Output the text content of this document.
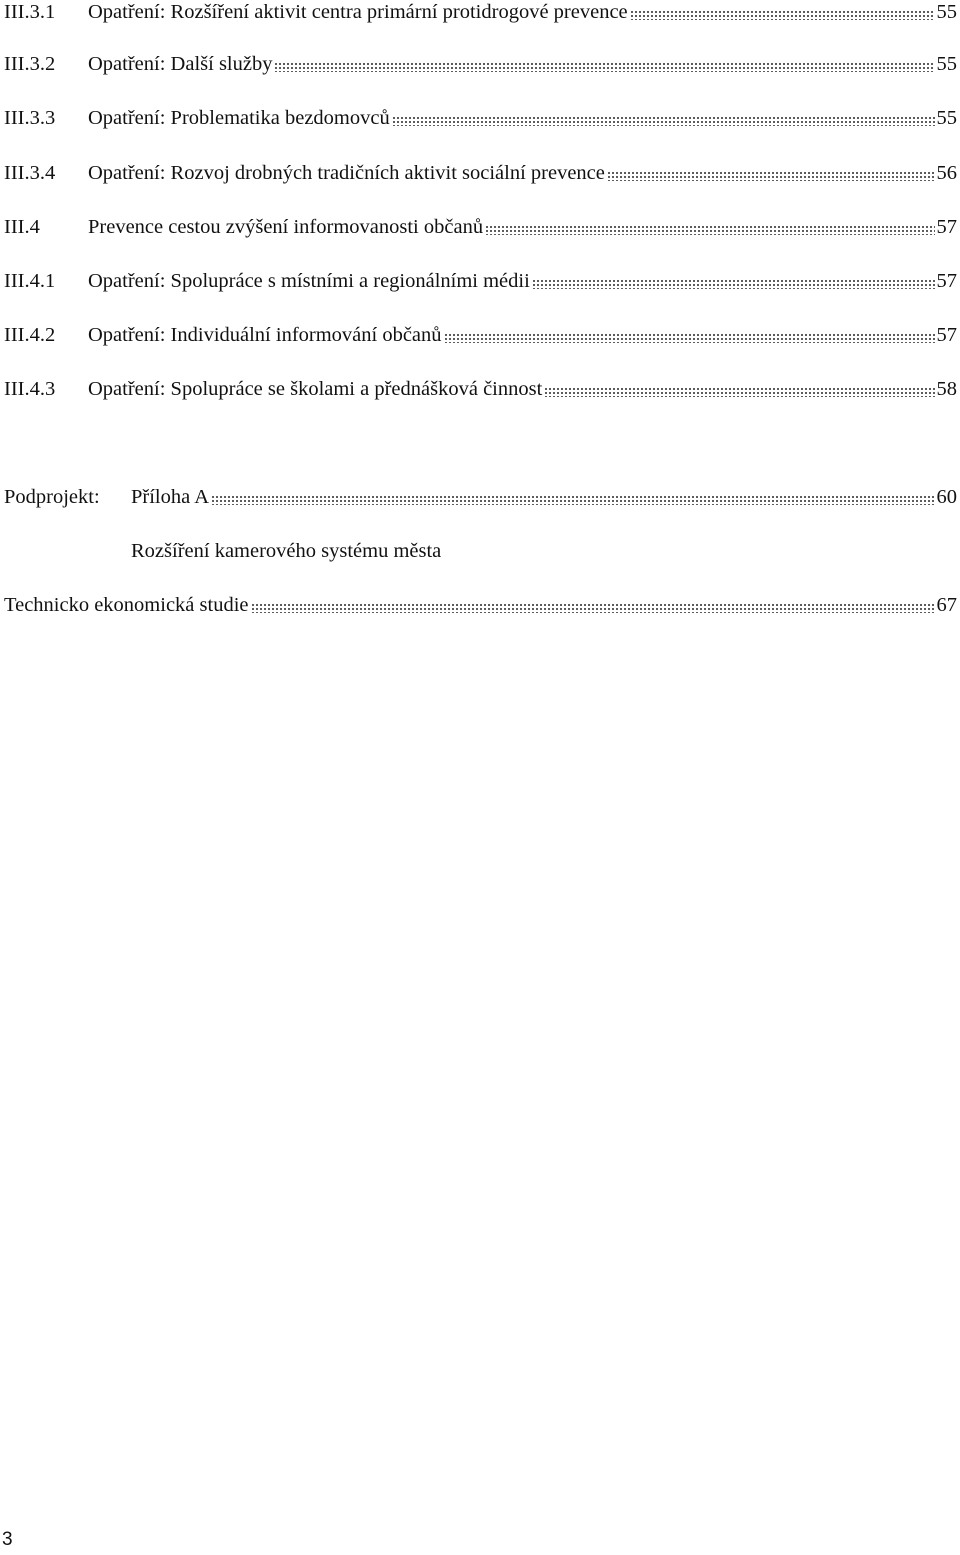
III.3.1 Opatření: Rozšíření aktivit centra primární protidrogové prevence	55
III.3.2 Opatření: Další služby	55
III.3.3 Opatření: Problematika bezdomovců	55
III.3.4 Opatření: Rozvoj drobných tradičních aktivit sociální prevence	56
III.4 Prevence cestou zvýšení informovanosti občanů	57
III.4.1 Opatření: Spolupráce s místními a regionálními médii	57
III.4.2 Opatření: Individuální informování občanů	57
III.4.3 Opatření: Spolupráce se školami a přednášková činnost	58
Podprojekt: Příloha A	60
Rozšíření kamerového systému města
Technicko ekonomická studie	67
3
